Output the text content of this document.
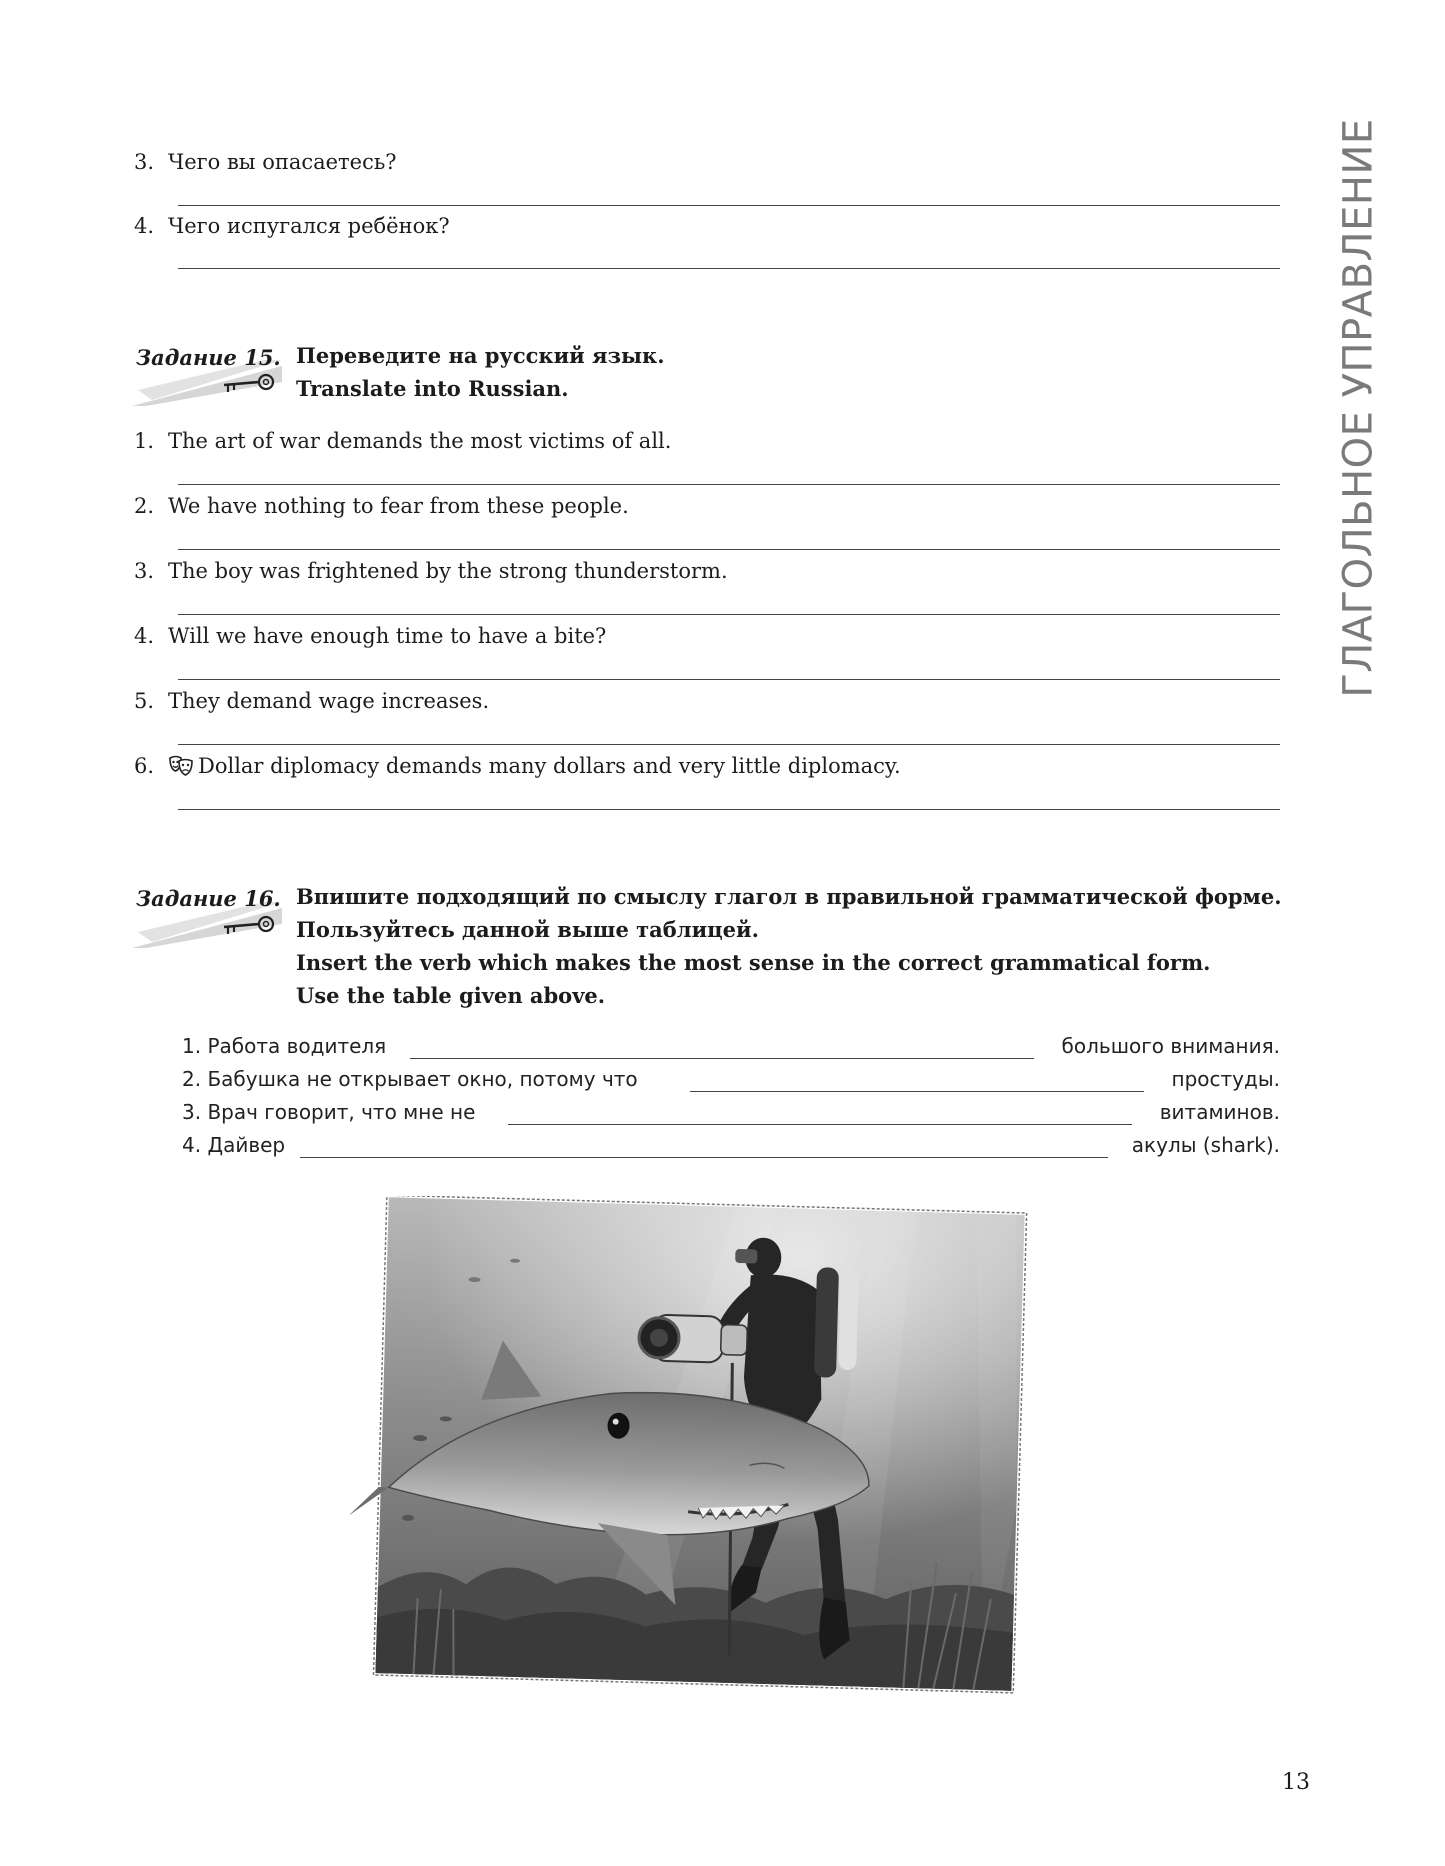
ГЛАГОЛЬНОЕ УПРАВЛЕНИЕ
3. Чего вы опасаетесь?
4. Чего испугался ребёнок?
Задание 15. Переведите на русский язык.
Translate into Russian.
1. The art of war demands the most victims of all.
2. We have nothing to fear from these people.
3. The boy was frightened by the strong thunderstorm.
4. Will we have enough time to have a bite?
5. They demand wage increases.
6. Dollar diplomacy demands many dollars and very little diplomacy.
Задание 16. Впишите подходящий по смыслу глагол в правильной грамматической форме.
Пользуйтесь данной выше таблицей.
Insert the verb which makes the most sense in the correct grammatical form.
Use the table given above.
1. Работа водителя	большого внимания.
2. Бабушка не открывает окно, потому что	простуды.
3. Врач говорит, что мне не	витаминов.
4. Дайвер	акулы (shark).
13
